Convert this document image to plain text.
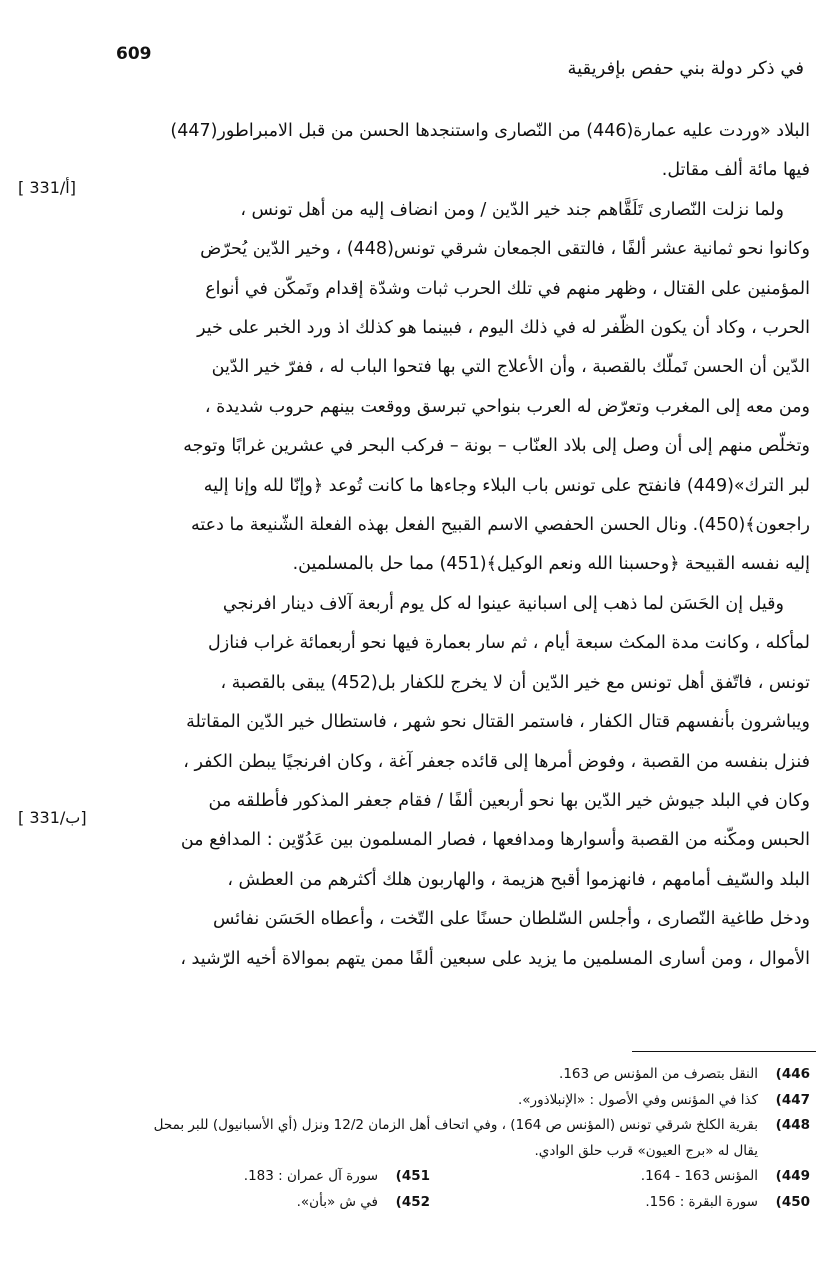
609
في ذكر دولة بني حفص بإفريقية
[ 331/أ]
[ 331/ب]

البلاد «وردت عليه عمارة(446) من النّصارى واستنجدها الحسن من قبل الامبراطور(447)

فيها مائة ألف مقاتل.

ولما نزلت النّصارى تَلَقَّاهم جند خير الدّين / ومن انضاف إليه من أهل تونس ،

وكانوا نحو ثمانية عشر ألفًا ، فالتقى الجمعان شرقي تونس(448) ، وخير الدّين يُحرّض

المؤمنين على القتال ، وظهر منهم في تلك الحرب ثبات وشدّة إقدام وتَمكّن في أنواع

الحرب ، وكاد أن يكون الظّفر له في ذلك اليوم ، فبينما هو كذلك اذ ورد الخبر على خير

الدّين أن الحسن تَملّك بالقصبة ، وأن الأعلاج التي بها فتحوا الباب له ، ففرّ خير الدّين

ومن معه إلى المغرب وتعرّض له العرب بنواحي تبرسق ووقعت بينهم حروب شديدة ،

وتخلّص منهم إلى أن وصل إلى بلاد العنّاب – بونة – فركب البحر في عشرين غرابًا وتوجه

لبر الترك»(449) فانفتح على تونس باب البلاء وجاءها ما كانت تُوعد ﴿وإنّا لله وإنا إليه

راجعون﴾(450). ونال الحسن الحفصي الاسم القبيح الفعل بهذه الفعلة الشّنيعة ما دعته

إليه نفسه القبيحة ﴿وحسبنا الله ونعم الوكيل﴾(451) مما حل بالمسلمين.

وقيل إن الحَسَن لما ذهب إلى اسبانية عينوا له كل يوم أربعة آلاف دينار افرنجي

لمأكله ، وكانت مدة المكث سبعة أيام ، ثم سار بعمارة فيها نحو أربعمائة غراب فنازل

تونس ، فاتّفق أهل تونس مع خير الدّين أن لا يخرج للكفار بل(452) يبقى بالقصبة ،

ويباشرون بأنفسهم قتال الكفار ، فاستمر القتال نحو شهر ، فاستطال خير الدّين المقاتلة

فنزل بنفسه من القصبة ، وفوض أمرها إلى قائده جعفر آغة ، وكان افرنجيًا يبطن الكفر ،

وكان في البلد جيوش خير الدّين بها نحو أربعين ألفًا / فقام جعفر المذكور فأطلقه من

الحبس ومكّنه من القصبة وأسوارها ومدافعها ، فصار المسلمون بين عَدُوّين : المدافع من

البلد والسّيف أمامهم ، فانهزموا أقبح هزيمة ، والهاربون هلك أكثرهم من العطش ،

ودخل طاغية النّصارى ، وأجلس السّلطان حسنًا على التّخت ، وأعطاه الحَسَن نفائس

الأموال ، ومن أسارى المسلمين ما يزيد على سبعين ألفًا ممن يتهم بموالاة أخيه الرّشيد ،

446)
النقل بتصرف من المؤنس ص 163.
447)
كذا في المؤنس وفي الأصول : «الإنبلاذور».
448)
بقرية الكلخ شرقي تونس (المؤنس ص 164) ، وفي اتحاف أهل الزمان 12/2 ونزل (أي الأسبانيول) للبر بمحل
يقال له «برج العيون» قرب حلق الوادي.
449)
المؤنس 163 - 164.
451)
سورة آل عمران : 183.
450)
سورة البقرة : 156.
452)
في ش «بأن».
